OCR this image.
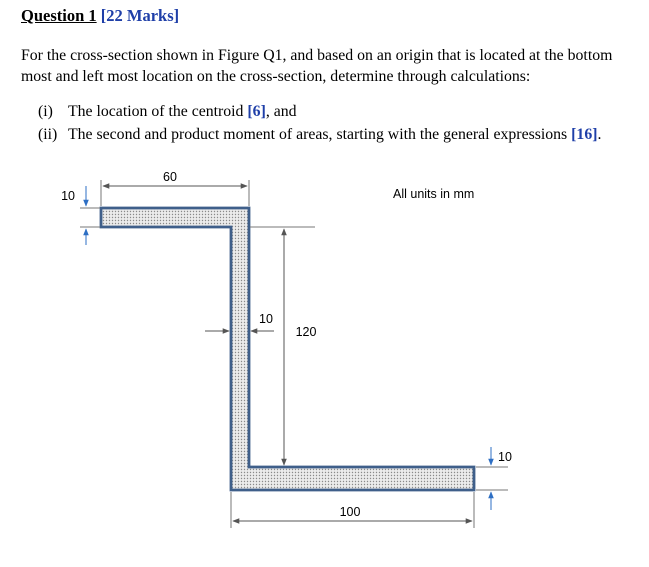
Question 1 [22 Marks]
For the cross-section shown in Figure Q1, and based on an origin that is located at the bottom most and left most location on the cross-section, determine through calculations:
(i) The location of the centroid [6], and
(ii) The second and product moment of areas, starting with the general expressions [16].
60
10
10
120
10
100
All units in mm
